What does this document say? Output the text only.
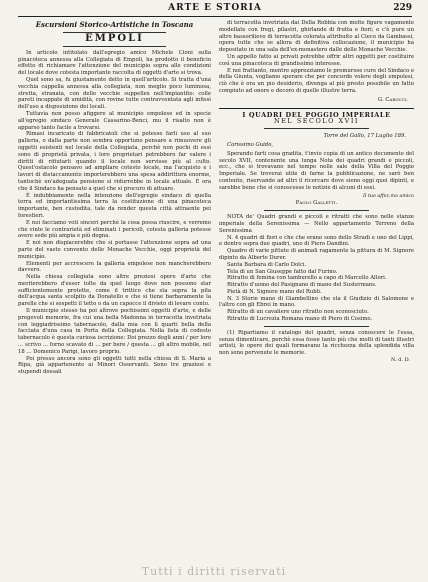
ARTE E STORIA	229
Escursioni Storico-Artistiche in Toscana
EMPOLI

In articolo intitolato dall'egregio amico Michele Cioni sulla pinacoteca annessa alla Collegiata di Empoli, ha prodotto il beneficio effetto di richiamare l'attenzione del municipio sopra alle condizioni del locale dove cotesta importante raccolta di oggetti d'arte si trova.

Quel sono sa, fu giustamente detto in quell'articolo. Si tratta d'una vecchia cappella annessa alla collegiata, non meglio poco luminosa, stretta, stranata, con delle vecchie suppellex nell'impiantito: colle pareti incappate di umidità, con rovine tutte contravventata agli infissi dell'uso a disposizione dei locali.

Tuttavia non posso afiggere al municipio empolese ed in specie all'egregio sindaco Generale Cassarino-Benci, mu il risalto non è apparso tanto facile a trovarsi.

Rimasi incaricato di fabbricatoli che si potesse farli uso al suo galleria, o dalla parte non sembra opportuno pensare a rimuovere gli oggetti esistenti nel locale della Collegiata, perchè non pochi di essi sono di proprietà privata, i loro proprietari potrebbero far valere i diritti di rifiutarli quando il locale non servisse più al culto. Quest'ostacolo pensavo ad ampliare cotesto locale, ma l'acquisto e i lavori di distaccamento importerebbero una spesa addirittura enorme, tantochè un'adeguata pensione si ridurrebbe in locale attuale. È ora che il Sindaco ha pensato a quel che si procuro di attuare.

È indubbiamente nella intenzione dell'egregio sindaco di quella terra ed importantissima terra la costituzione di una pinacoteca importante, ben custodita, tale da render questa città attraente pei forestieri.

E noi facciamo voti sinceri perchè la cosa possa riuscire, e verremo che vinte le contrarietà ed eliminati i pericoli, cotesta galleria potesse avere sede più ampia e più degna.

E noi non dispiacerebbe che si portasse l'attenzione sopra ad una parte del vasto convento delle Monache Vecchie, oggi proprietà del municipio.

Elementi per accrescere la galleria empolese non mancherebbero davvero.

Nella chiesa collegiata sono altre preziosi opere d'arte che meriterebbero d'esser tolte da quel luogo dove non possono star sufficientemente protette, come il trittico che sta sopra la pila dell'acqua santa scolpito da Donatello e che si tiene barbaramente la parelle che si sospetti il tetto o da un capocce il divieto di levare conto.

Il municipio stesso ha poi altrove pochissimi oggetti d'arte, e delle pregevoli memorie, fra cui una bella Madonna in terracotta invetriata con leggiadrissimo tabernacolo, dalla mia con lì quarti bella della facciata d'una casa in Porta della Collegiata. Nella lista di codesto tabernacolo è questa curiosa iscrizione: Doi prezzo degli anni / per loro ... scrivo ... forno scavato di ... per bere / questa ... gli altro mobile, nel 18 ... Domenico Parigi, lavoro proprio.

Poi presso ancora sono gli oggetti tutti nella chiesa di S. Maria a Ripa, già appartenente ai Minori Osservanti. Sono tre graziosi e stupendi dossali

di terracotta invetriata dai Della Robbia con molte figure vagamente modellate con fregi, pilastri, ghirlande di frutta e fiori; e c'è pure un altro bassorilievo di terracotta colorata attribuito al Cieco da Gambassi, opera tutte che se allora di definitiva collocazione, il municipio ha depositato in una sala dell'ex-monastero dalle delle Monache Vecchie.

Un appello fatto ai privati potrebbe offrir altri oggetti per costituire così una pinacoteca di grandissimo interesse.

E noi frattanto, mentre apprezziamo le premurose cure del Sindaco e della Giunta, vogliamo sperare che per concorde volere degli empolesi, ciò che è ora un pio desiderio, divenga al più presto possibile un fatto compiuto ad onore e decoro di quelle illustre terra.

G. Carocci.
I QUADRI DEL POGGIO IMPERIALE
NEL SECOLO XVII
Torre del Gallo, 17 Luglio 189.
Carissimo Guido,

Sperando farti cosa gradita, t'invio copia di un antico documento del secolo XVII, contenente una lunga Nota dei quadri grandi e piccoli, ecc., che si trovavano nel tempo nelle sale della Villa del Poggio Imperiale. Se troverai utile di farne la pubblicazione, ne sarò ben contento, riservando ad altri il ricercare dove sieno oggi quei dipinti, e sarebbe bene che si conoscesse le notizie di alcuni di essi.

Il tuo affez.mo amico
Paolo Galletti.

NOTA de' Quadri grandi e piccoli e ritratti che sono nelle stanze imperiale della Serenissima — Nello appartamento Terreno della Serenissima

N. 4 quadri di fiori e che che erano sono dello Stradi e uno del Lippi, e dentro sopra due quadri, uno di Piero Dandini.

Quadro di varie pittute di animali ragamente la pittura di M. Signore dipinto da Alberto Durer.

Santa Barbara di Carlo Dolci.

Tela di un San Giuseppe fatto dal Furino.

Ritratto di femina con tamburello a capo di Marcello Allori.

Ritratto d'uomo del Pasignano di mano del Sustermans.

Pietà di N. Signore mano del Rubli.

N. 3 Storie mano di Giambellino che sta il Giudizio di Salomone e l'altro con gli Ebrei in mano.

Ritratto di un cavaliere uno ritratto non sconosciuto.

Ritratto di Lucrezia Romana mano di Piero di Cosimo.

(1) Ripartiamo il catalogo del quadri, senza conoscere le l'essa, senza dimenticare, perchè essa fosse tanto più che molti di tanti illustri artisti, le opere dei quali formavano la ricchezza della splendida villa non sono pervenute le memorie.

N. d. D.
Tutti i diritti riservati
